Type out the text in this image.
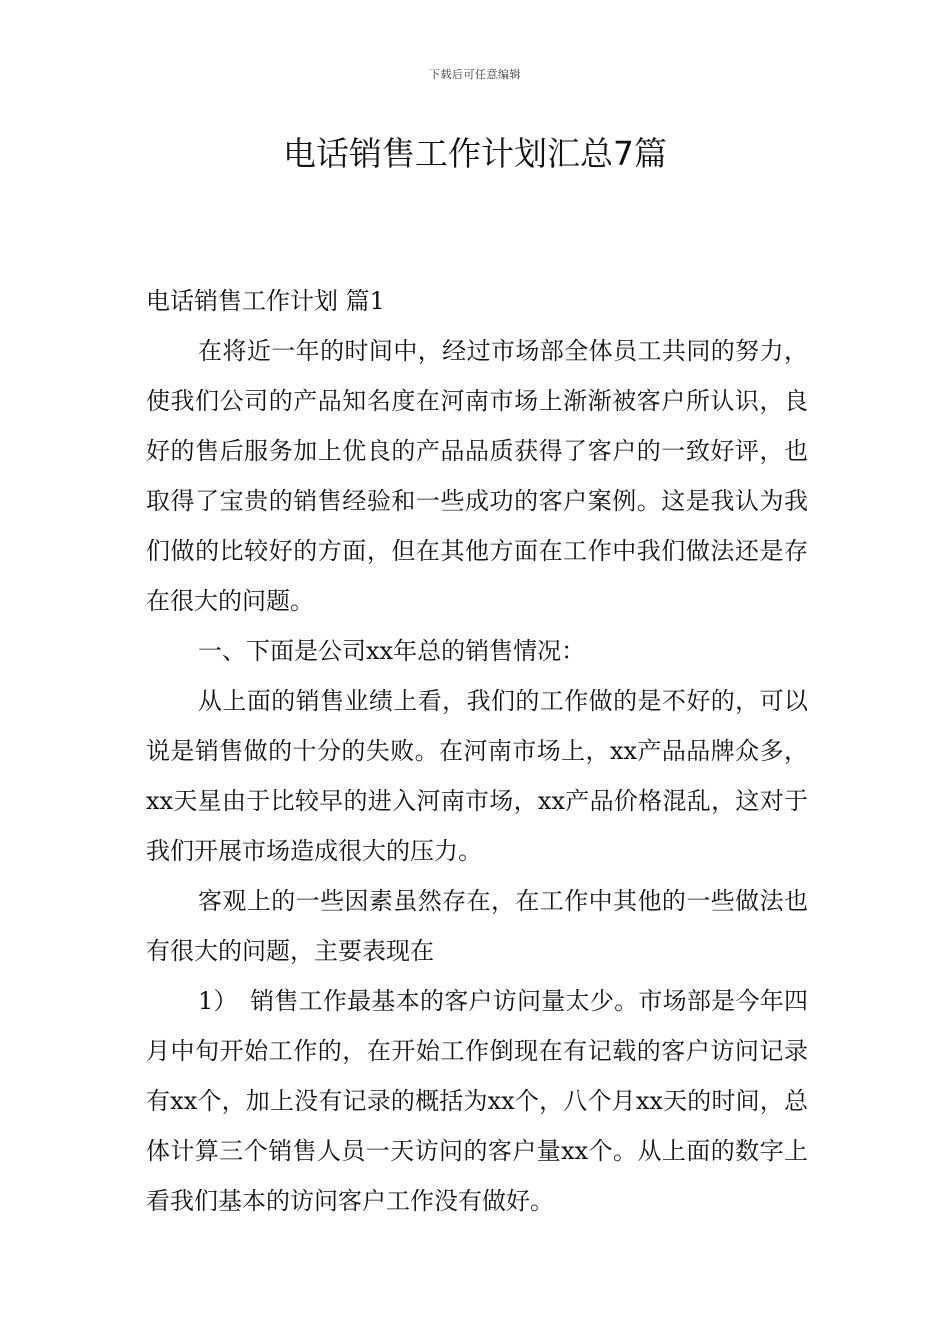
下载后可任意编辑
电话销售工作计划汇总7篇

电话销售工作计划 篇1

在将近一年的时间中，经过市场部全体员工共同的努力，使我们公司的产品知名度在河南市场上渐渐被客户所认识，良好的售后服务加上优良的产品品质获得了客户的一致好评，也取得了宝贵的销售经验和一些成功的客户案例。这是我认为我们做的比较好的方面，但在其他方面在工作中我们做法还是存在很大的问题。

一、下面是公司xx年总的销售情况：

从上面的销售业绩上看，我们的工作做的是不好的，可以说是销售做的十分的失败。在河南市场上，xx产品品牌众多，xx天星由于比较早的进入河南市场，xx产品价格混乱，这对于我们开展市场造成很大的压力。

客观上的一些因素虽然存在，在工作中其他的一些做法也有很大的问题，主要表现在

1）　销售工作最基本的客户访问量太少。市场部是今年四月中旬开始工作的，在开始工作倒现在有记载的客户访问记录有xx个，加上没有记录的概括为xx个，八个月xx天的时间，总体计算三个销售人员一天访问的客户量xx个。从上面的数字上看我们基本的访问客户工作没有做好。
